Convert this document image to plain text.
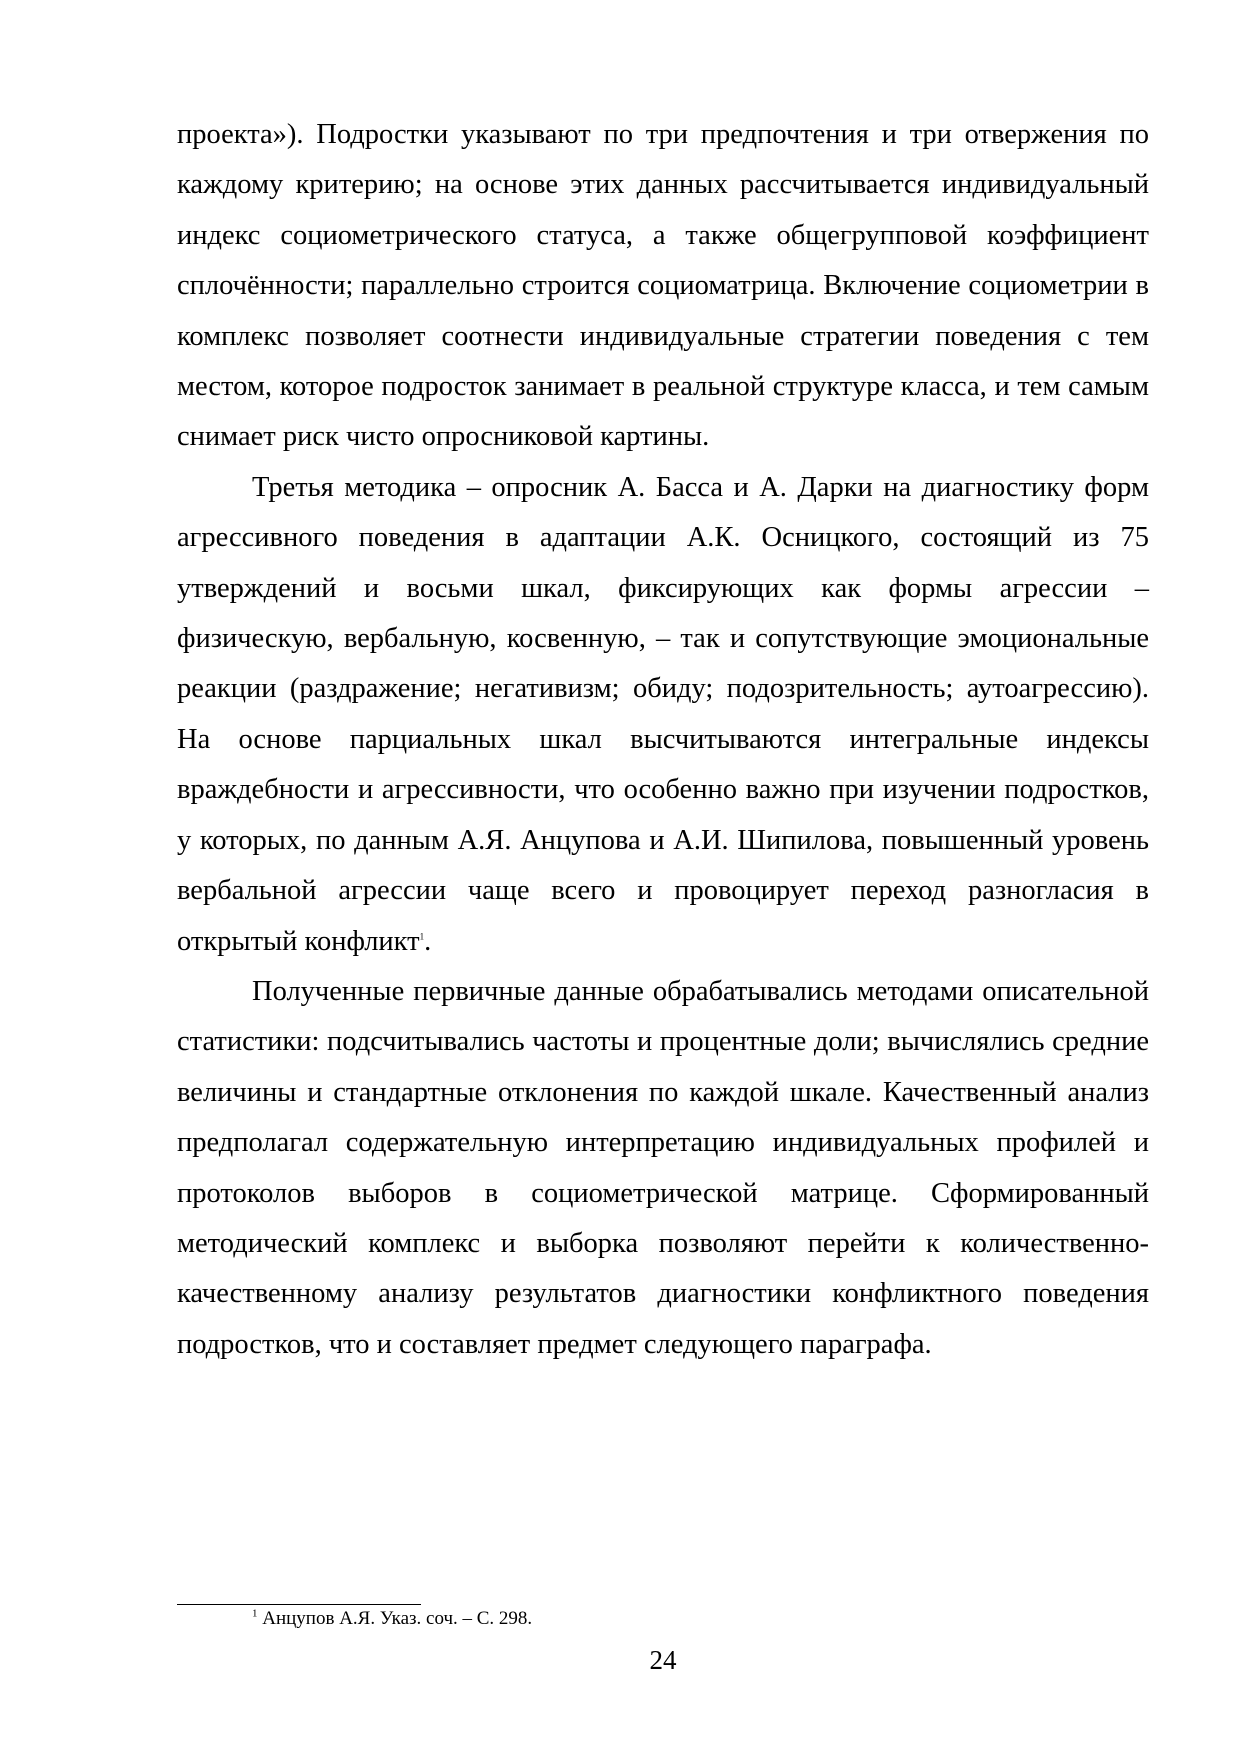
проекта»). Подростки указывают по три предпочтения и три отвержения по каждому критерию; на основе этих данных рассчитывается индивидуальный индекс социометрического статуса, а также общегрупповой коэффициент сплочённости; параллельно строится социоматрица. Включение социометрии в комплекс позволяет соотнести индивидуальные стратегии поведения с тем местом, которое подросток занимает в реальной структуре класса, и тем самым снимает риск чисто опросниковой картины.

Третья методика – опросник А. Басса и А. Дарки на диагностику форм агрессивного поведения в адаптации А.К. Осницкого, состоящий из 75 утверждений и восьми шкал, фиксирующих как формы агрессии – физическую, вербальную, косвенную, – так и сопутствующие эмоциональные реакции (раздражение; негативизм; обиду; подозрительность; аутоагрессию). На основе парциальных шкал высчитываются интегральные индексы враждебности и агрессивности, что особенно важно при изучении подростков, у которых, по данным А.Я. Анцупова и А.И. Шипилова, повышенный уровень вербальной агрессии чаще всего и провоцирует переход разногласия в открытый конфликт$^1$.

Полученные первичные данные обрабатывались методами описательной статистики: подсчитывались частоты и процентные доли; вычислялись средние величины и стандартные отклонения по каждой шкале. Качественный анализ предполагал содержательную интерпретацию индивидуальных профилей и протоколов выборов в социометрической матрице. Сформированный методический комплекс и выборка позволяют перейти к количественно-качественному анализу результатов диагностики конфликтного поведения подростков, что и составляет предмет следующего параграфа.

$^1$ Анцупов А.Я. Указ. соч. – С. 298.
24
